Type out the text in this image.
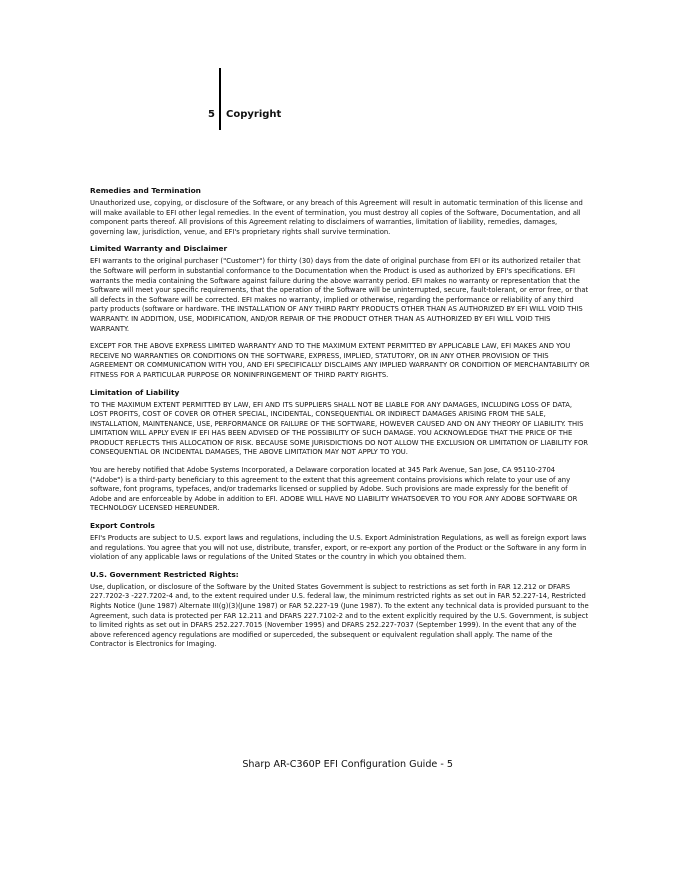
5 Copyright
Remedies and Termination

Unauthorized use, copying, or disclosure of the Software, or any breach of this Agreement will result in automatic termination of this license and will make available to EFI other legal remedies. In the event of termination, you must destroy all copies of the Software, Documentation, and all component parts thereof. All provisions of this Agreement relating to disclaimers of warranties, limitation of liability, remedies, damages, governing law, jurisdiction, venue, and EFI's proprietary rights shall survive termination.

Limited Warranty and Disclaimer

EFI warrants to the original purchaser ("Customer") for thirty (30) days from the date of original purchase from EFI or its authorized retailer that the Software will perform in substantial conformance to the Documentation when the Product is used as authorized by EFI's specifications. EFI warrants the media containing the Software against failure during the above warranty period. EFI makes no warranty or representation that the Software will meet your specific requirements, that the operation of the Software will be uninterrupted, secure, fault-tolerant, or error free, or that all defects in the Software will be corrected. EFI makes no warranty, implied or otherwise, regarding the performance or reliability of any third party products (software or hardware. THE INSTALLATION OF ANY THIRD PARTY PRODUCTS OTHER THAN AS AUTHORIZED BY EFI WILL VOID THIS WARRANTY. IN ADDITION, USE, MODIFICATION, AND/OR REPAIR OF THE PRODUCT OTHER THAN AS AUTHORIZED BY EFI WILL VOID THIS WARRANTY.

EXCEPT FOR THE ABOVE EXPRESS LIMITED WARRANTY AND TO THE MAXIMUM EXTENT PERMITTED BY APPLICABLE LAW, EFI MAKES AND YOU RECEIVE NO WARRANTIES OR CONDITIONS ON THE SOFTWARE, EXPRESS, IMPLIED, STATUTORY, OR IN ANY OTHER PROVISION OF THIS AGREEMENT OR COMMUNICATION WITH YOU, AND EFI SPECIFICALLY DISCLAIMS ANY IMPLIED WARRANTY OR CONDITION OF MERCHANTABILITY OR FITNESS FOR A PARTICULAR PURPOSE OR NONINFRINGEMENT OF THIRD PARTY RIGHTS.

Limitation of Liability

TO THE MAXIMUM EXTENT PERMITTED BY LAW, EFI AND ITS SUPPLIERS SHALL NOT BE LIABLE FOR ANY DAMAGES, INCLUDING LOSS OF DATA, LOST PROFITS, COST OF COVER OR OTHER SPECIAL, INCIDENTAL, CONSEQUENTIAL OR INDIRECT DAMAGES ARISING FROM THE SALE, INSTALLATION, MAINTENANCE, USE, PERFORMANCE OR FAILURE OF THE SOFTWARE, HOWEVER CAUSED AND ON ANY THEORY OF LIABILITY. THIS LIMITATION WILL APPLY EVEN IF EFI HAS BEEN ADVISED OF THE POSSIBILITY OF SUCH DAMAGE. YOU ACKNOWLEDGE THAT THE PRICE OF THE PRODUCT REFLECTS THIS ALLOCATION OF RISK. BECAUSE SOME JURISDICTIONS DO NOT ALLOW THE EXCLUSION OR LIMITATION OF LIABILITY FOR CONSEQUENTIAL OR INCIDENTAL DAMAGES, THE ABOVE LIMITATION MAY NOT APPLY TO YOU.

You are hereby notified that Adobe Systems Incorporated, a Delaware corporation located at 345 Park Avenue, San Jose, CA 95110-2704 ("Adobe") is a third-party beneficiary to this agreement to the extent that this agreement contains provisions which relate to your use of any software, font programs, typefaces, and/or trademarks licensed or supplied by Adobe. Such provisions are made expressly for the benefit of Adobe and are enforceable by Adobe in addition to EFI. ADOBE WILL HAVE NO LIABILITY WHATSOEVER TO YOU FOR ANY ADOBE SOFTWARE OR TECHNOLOGY LICENSED HEREUNDER.

Export Controls

EFI's Products are subject to U.S. export laws and regulations, including the U.S. Export Administration Regulations, as well as foreign export laws and regulations. You agree that you will not use, distribute, transfer, export, or re-export any portion of the Product or the Software in any form in violation of any applicable laws or regulations of the United States or the country in which you obtained them.

U.S. Government Restricted Rights:

Use, duplication, or disclosure of the Software by the United States Government is subject to restrictions as set forth in FAR 12.212 or DFARS 227.7202-3 -227.7202-4 and, to the extent required under U.S. federal law, the minimum restricted rights as set out in FAR 52.227-14, Restricted Rights Notice (June 1987) Alternate III(g)(3)(June 1987) or FAR 52.227-19 (June 1987). To the extent any technical data is provided pursuant to the Agreement, such data is protected per FAR 12.211 and DFARS 227.7102-2 and to the extent explicitly required by the U.S. Government, is subject to limited rights as set out in DFARS 252.227.7015 (November 1995) and DFARS 252.227-7037 (September 1999). In the event that any of the above referenced agency regulations are modified or superceded, the subsequent or equivalent regulation shall apply. The name of the Contractor is Electronics for Imaging.

Sharp AR-C360P EFI Configuration Guide - 5
